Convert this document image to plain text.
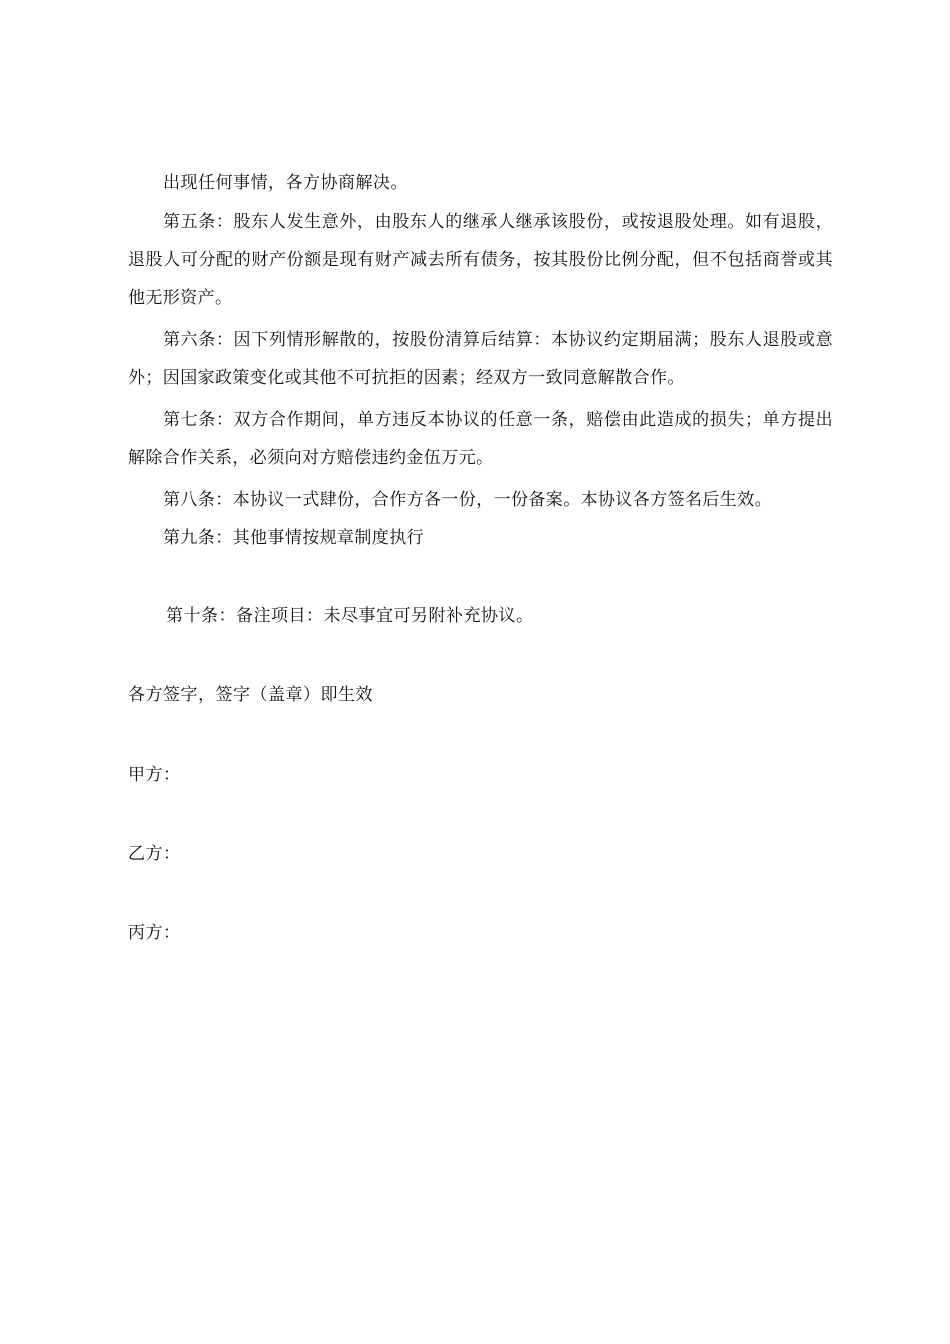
出现任何事情，各方协商解决。
第五条：股东人发生意外，由股东人的继承人继承该股份，或按退股处理。如有退股，退股人可分配的财产份额是现有财产减去所有债务，按其股份比例分配，但不包括商誉或其他无形资产。
第六条：因下列情形解散的，按股份清算后结算：本协议约定期届满；股东人退股或意外；因国家政策变化或其他不可抗拒的因素；经双方一致同意解散合作。
第七条：双方合作期间，单方违反本协议的任意一条，赔偿由此造成的损失；单方提出解除合作关系，必须向对方赔偿违约金伍万元。
第八条：本协议一式肆份，合作方各一份，一份备案。本协议各方签名后生效。
第九条：其他事情按规章制度执行
第十条：备注项目：未尽事宜可另附补充协议。
各方签字，签字（盖章）即生效
甲方：
乙方：
丙方：
